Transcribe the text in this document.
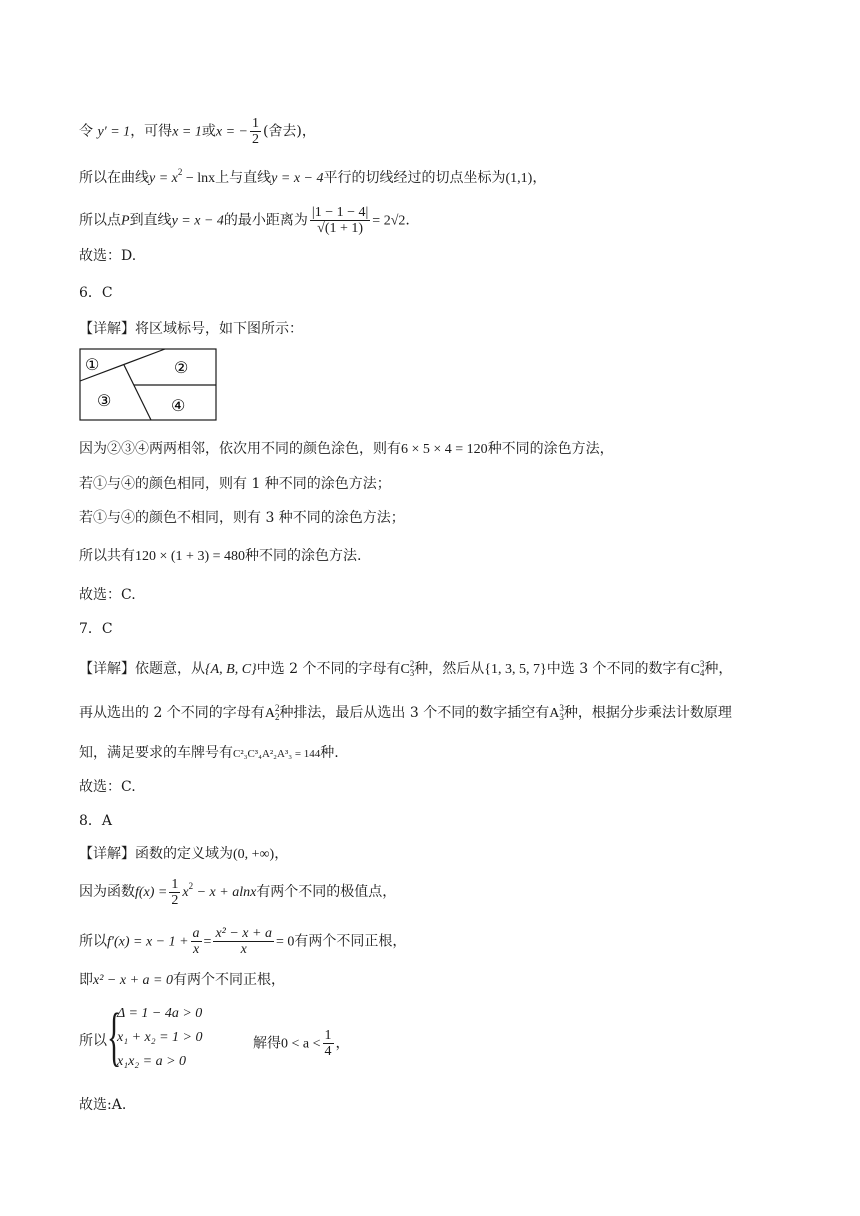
令 y′ = 1，可得x = 1或x = − $\frac{1}{2}$ (舍去)，
所以在曲线$y = x^2 - \ln x$上与直线y = x − 4平行的切线经过的切点坐标为(1,1)，
所以点P到直线y = x − 4的最小距离为 $\frac{|1 - 1 - 4|}{√(1 + 1)} = 2√2$.
故选：D.
6．C
【详解】将区域标号，如下图所示：
①	②
③	④
因为②③④两两相邻，依次用不同的颜色涂色，则有6 × 5 × 4 = 120种不同的涂色方法，
若①与④的颜色相同，则有 1 种不同的涂色方法；
若①与④的颜色不相同，则有 3 种不同的涂色方法；
所以共有120 × (1 + 3) = 480种不同的涂色方法.
故选：C.
7．C
【详解】依题意，从{A, B, C}中选 2 个不同的字母有C 2
3 种，然后从{1, 3, 5, 7}中选 3 个不同的数字有C 3
4 种，
再从选出的 2 个不同的字母有A 2
2 种排法，最后从选出 3 个不同的数字插空有A 3
3 种，根据分步乘法计数原理
知，满足要求的车牌号有C²₃C³₄A²₂A³₃ = 144种.
故选：C.
8．A
【详解】函数的定义域为(0, +∞)，
因为函数$f(x) = \frac{1}{2} x^2 - x + alnx$有两个不同的极值点，
所以$f'(x) = x - 1 + \frac{a}{x} = \frac{\text{x² − x + a}}{x} = 0$有两个不同正根，
即x² − x + a = 0有两个不同正根，
所以 {
Δ = 1 − 4a > 0
x₁ + x₂ = 1 > 0
x₁x₂ = a > 0
解得$0 < a < \frac{1}{4}$ ，
故选:A.
